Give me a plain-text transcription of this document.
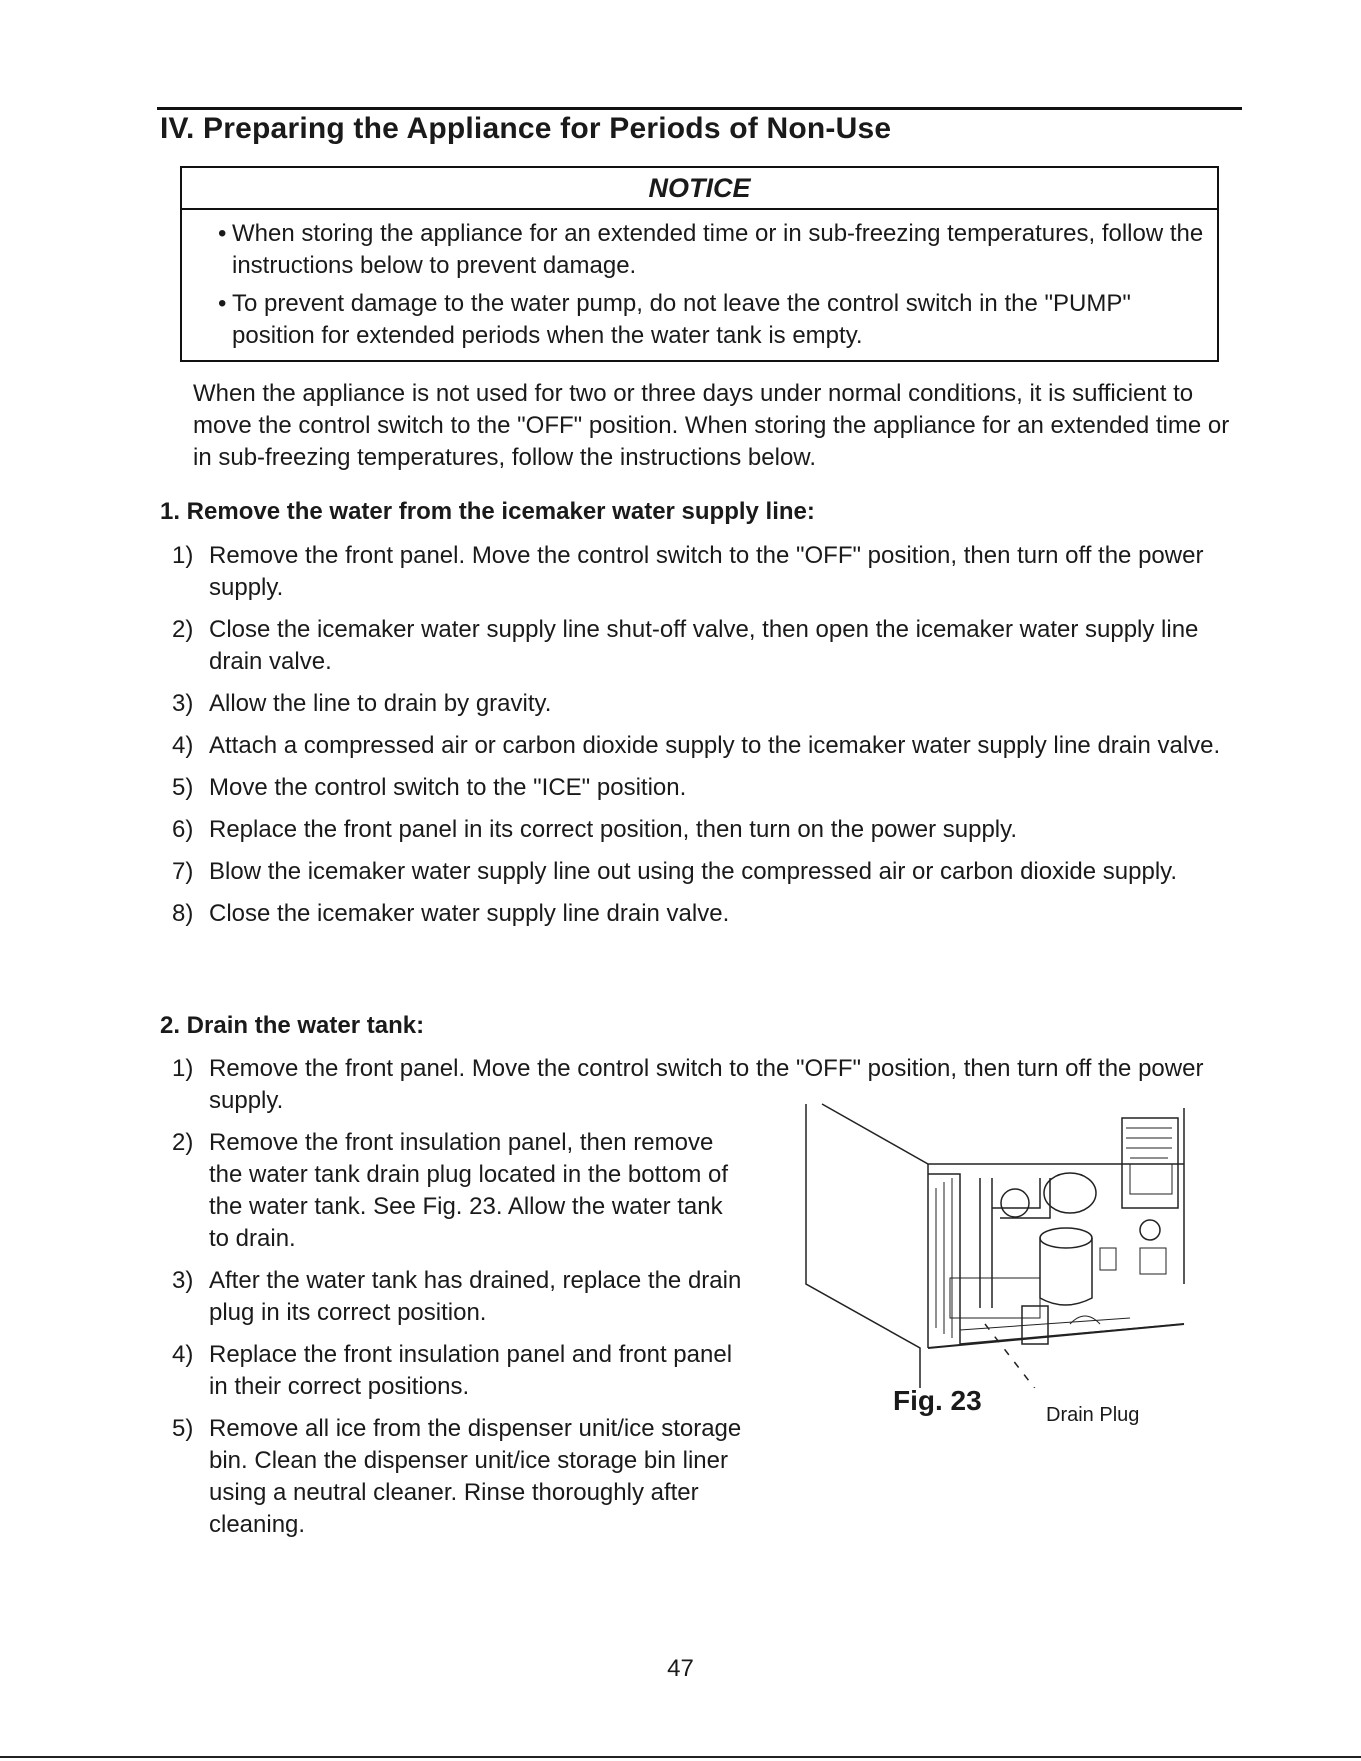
IV. Preparing the Appliance for Periods of Non-Use
NOTICE
• When storing the appliance for an extended time or in sub-freezing temperatures, follow the instructions below to prevent damage.
• To prevent damage to the water pump, do not leave the control switch in the "PUMP" position for extended periods when the water tank is empty.
When the appliance is not used for two or three days under normal conditions, it is sufficient to move the control switch to the "OFF" position. When storing the appliance for an extended time or in sub-freezing temperatures, follow the instructions below.
1. Remove the water from the icemaker water supply line:
1) Remove the front panel. Move the control switch to the "OFF" position, then turn off the power supply.
2) Close the icemaker water supply line shut-off valve, then open the icemaker water supply line drain valve.
3) Allow the line to drain by gravity.
4) Attach a compressed air or carbon dioxide supply to the icemaker water supply line drain valve.
5) Move the control switch to the "ICE" position.
6) Replace the front panel in its correct position, then turn on the power supply.
7) Blow the icemaker water supply line out using the compressed air or carbon dioxide supply.
8) Close the icemaker water supply line drain valve.
2. Drain the water tank:
1) Remove the front panel. Move the control switch to the "OFF" position, then turn off the power supply.
2) Remove the front insulation panel, then remove the water tank drain plug located in the bottom of the water tank. See Fig. 23. Allow the water tank to drain.
3) After the water tank has drained, replace the drain plug in its correct position.
4) Replace the front insulation panel and front panel in their correct positions.
5) Remove all ice from the dispenser unit/ice storage bin. Clean the dispenser unit/ice storage bin liner using a neutral cleaner. Rinse thoroughly after cleaning.
Fig. 23	Drain Plug
47
